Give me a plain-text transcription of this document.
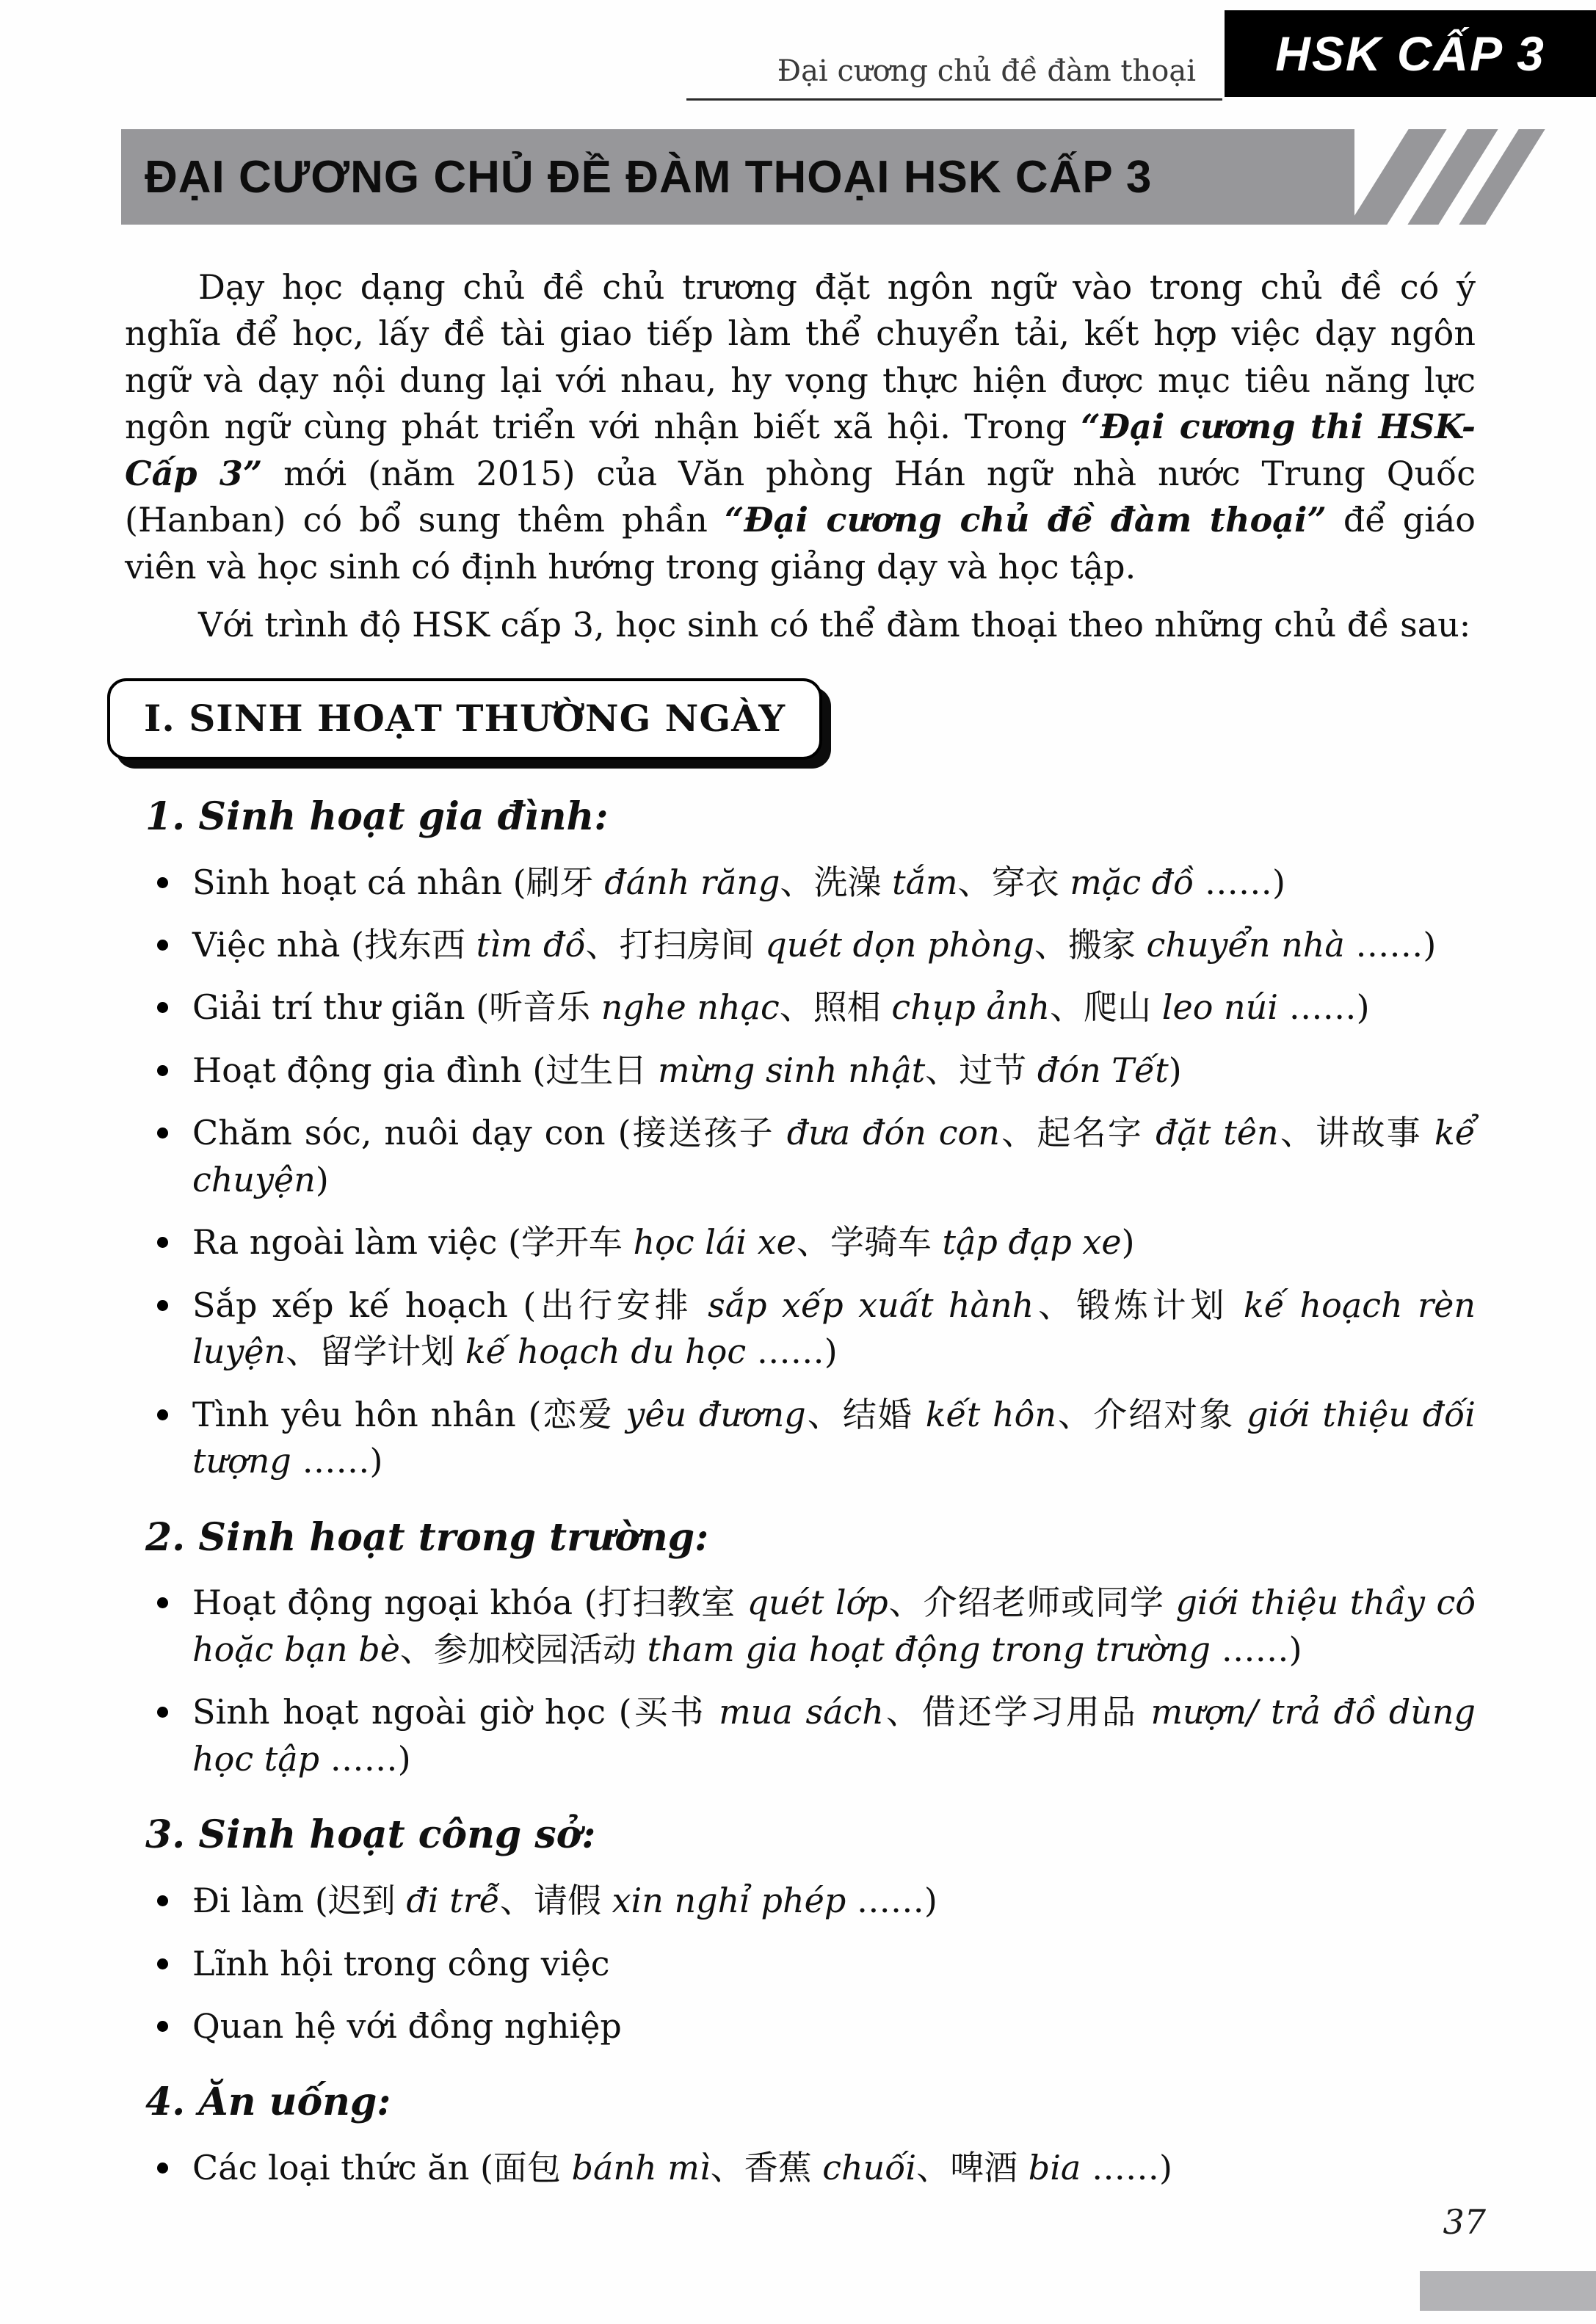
Đại cương chủ đề đàm thoại	HSK CẤP 3
ĐẠI CƯƠNG CHỦ ĐỀ ĐÀM THOẠI HSK CẤP 3

Dạy học dạng chủ đề chủ trương đặt ngôn ngữ vào trong chủ đề có ý nghĩa để học, lấy đề tài giao tiếp làm thể chuyển tải, kết hợp việc dạy ngôn ngữ và dạy nội dung lại với nhau, hy vọng thực hiện được mục tiêu năng lực ngôn ngữ cùng phát triển với nhận biết xã hội. Trong “Đại cương thi HSK-Cấp 3” mới (năm 2015) của Văn phòng Hán ngữ nhà nước Trung Quốc (Hanban) có bổ sung thêm phần “Đại cương chủ đề đàm thoại” để giáo viên và học sinh có định hướng trong giảng dạy và học tập.

Với trình độ HSK cấp 3, học sinh có thể đàm thoại theo những chủ đề sau:

I. SINH HOẠT THƯỜNG NGÀY
1. Sinh hoạt gia đình:
Sinh hoạt cá nhân (刷牙 đánh răng、洗澡 tắm、穿衣 mặc đồ ……)
Việc nhà (找东西 tìm đồ、打扫房间 quét dọn phòng、搬家 chuyển nhà ……)
Giải trí thư giãn (听音乐 nghe nhạc、照相 chụp ảnh、爬山 leo núi ……)
Hoạt động gia đình (过生日 mừng sinh nhật、过节 đón Tết)
Chăm sóc, nuôi dạy con (接送孩子 đưa đón con、起名字 đặt tên、讲故事 kể chuyện)
Ra ngoài làm việc (学开车 học lái xe、学骑车 tập đạp xe)
Sắp xếp kế hoạch (出行安排 sắp xếp xuất hành、锻炼计划 kế hoạch rèn luyện、留学计划 kế hoạch du học ……)
Tình yêu hôn nhân (恋爱 yêu đương、结婚 kết hôn、介绍对象 giới thiệu đối tượng ……)
2. Sinh hoạt trong trường:
Hoạt động ngoại khóa (打扫教室 quét lớp、介绍老师或同学 giới thiệu thầy cô hoặc bạn bè、参加校园活动 tham gia hoạt động trong trường ……)
Sinh hoạt ngoài giờ học (买书 mua sách、借还学习用品 mượn/ trả đồ dùng học tập ……)
3. Sinh hoạt công sở:
Đi làm (迟到 đi trễ、请假 xin nghỉ phép ……)
Lĩnh hội trong công việc
Quan hệ với đồng nghiệp
4. Ăn uống:
Các loại thức ăn (面包 bánh mì、香蕉 chuối、啤酒 bia ……)
37
